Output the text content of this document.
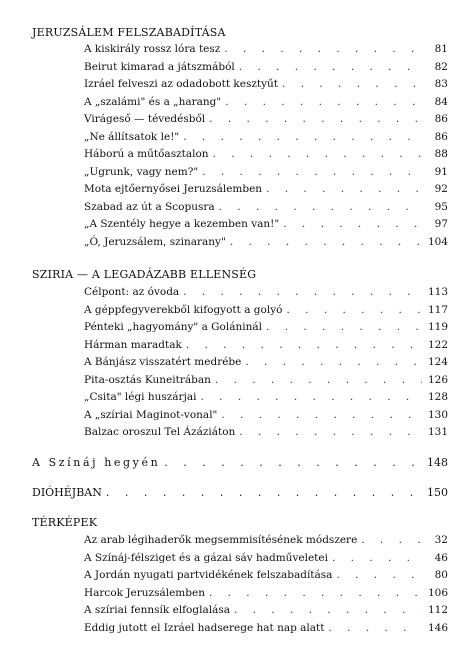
JERUZSÁLEM FELSZABADÍTÁSA
A kiskirály rossz lóra tesz . . .	81
Beirut kimarad a játszmából . . .	82
Izráel felveszi az odadobott kesztyűt . . .	83
A „szalámi" és a „harang" . . .	84
Virágeső — tévedésből . . .	86
„Ne állítsatok le!" . . .	86
Háború a műtőasztalon . . .	88
„Ugrunk, vagy nem?" . . .	91
Mota ejtőernyősei Jeruzsálemben . . .	92
Szabad az út a Scopusra . . .	95
„A Szentély hegye a kezemben van!" . . .	97
„Ó, Jeruzsálem, szinarany" . . .	104
SZIRIA — A LEGADÁZABB ELLENSÉG
Célpont: az óvoda . . .	113
A géppfegyverekből kifogyott a golyó . . .	117
Pénteki „hagyomány" a Goláninál . . .	119
Hárman maradtak . . .	122
A Bánjász visszatért medrébe . . .	124
Pita-osztás Kuneitrában . . .	126
„Csita" légi huszárjai . . .	128
A „szíriai Maginot-vonal" . . .	130
Balzac oroszul Tel Ázáziáton . . .	131
A Színáj hegyén . . .	148
DIÓHÉJBAN . . .	150
TÉRKÉPEK
Az arab légihaderők megsemmisítésének módszere . . .	32
A Színáj-félsziget és a gázai sáv hadműveletei . . .	46
A Jordán nyugati partvidékének felszabadítása . . .	80
Harcok Jeruzsálemben . . .	106
A szíriai fennsík elfoglalása . . .	112
Eddig jutott el Izráel hadserege hat nap alatt . . .	146
